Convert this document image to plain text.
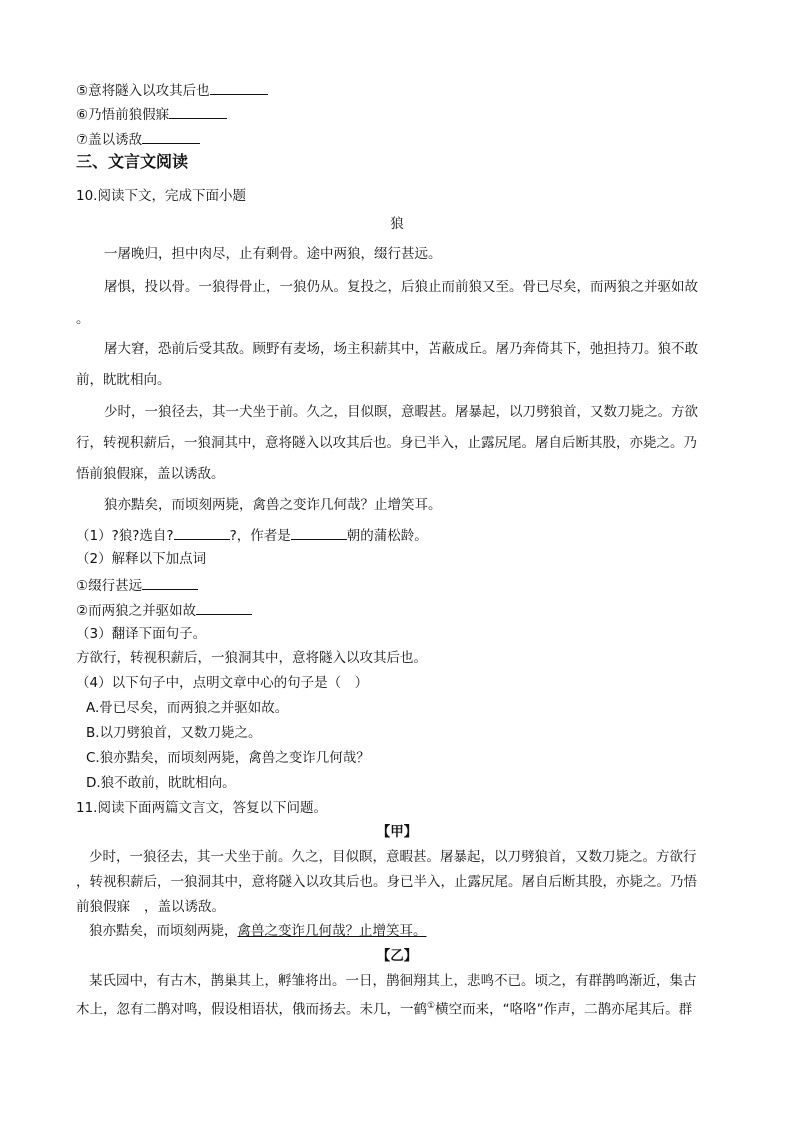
⑤意将隧入以攻其后也
⑥乃悟前狼假寐
⑦盖以诱敌
三、文言文阅读
10.阅读下文，完成下面小题
狼
一屠晚归，担中肉尽，止有剩骨。途中两狼，缀行甚远。
屠惧，投以骨。一狼得骨止，一狼仍从。复投之，后狼止而前狼又至。骨已尽矣，而两狼之并驱如故
。
屠大窘，恐前后受其敌。顾野有麦场，场主积薪其中，苫蔽成丘。屠乃奔倚其下，弛担持刀。狼不敢
前，眈眈相向。
少时，一狼径去，其一犬坐于前。久之，目似瞑，意暇甚。屠暴起，以刀劈狼首，又数刀毙之。方欲
行，转视积薪后，一狼洞其中，意将隧入以攻其后也。身已半入，止露尻尾。屠自后断其股，亦毙之。乃
悟前狼假寐，盖以诱敌。
狼亦黠矣，而顷刻两毙，禽兽之变诈几何哉？止增笑耳。
（1）?狼?选自?	?，作者是	朝的蒲松龄。
（2）解释以下加点词
①缀行甚远
②而两狼之并驱如故
（3）翻译下面句子。
方欲行，转视积薪后，一狼洞其中，意将隧入以攻其后也。
（4）以下句子中，点明文章中心的句子是（　）
A.骨已尽矣，而两狼之并驱如故。
B.以刀劈狼首，又数刀毙之。
C.狼亦黠矣，而顷刻两毙，禽兽之变诈几何哉？
D.狼不敢前，眈眈相向。
11.阅读下面两篇文言文，答复以下问题。
【甲】
少时，一狼径去，其一犬坐于前。久之，目似瞑，意暇甚。屠暴起，以刀劈狼首，又数刀毙之。方欲行
，转视积薪后，一狼洞其中，意将隧入以攻其后也。身已半入，止露尻尾。屠自后断其股，亦毙之。乃悟
前狼假寐 ，盖以诱敌。
狼亦黠矣，而顷刻两毙，禽兽之变诈几何哉？止增笑耳。
【乙】
某氏园中，有古木，鹊巢其上，孵雏将出。一日，鹊徊翔其上，悲鸣不已。顷之，有群鹊鸣渐近，集古
木上，忽有二鹊对鸣，假设相语状，俄而扬去。未几，一鹤①横空而来，“咯咯”作声，二鹊亦尾其后。群
